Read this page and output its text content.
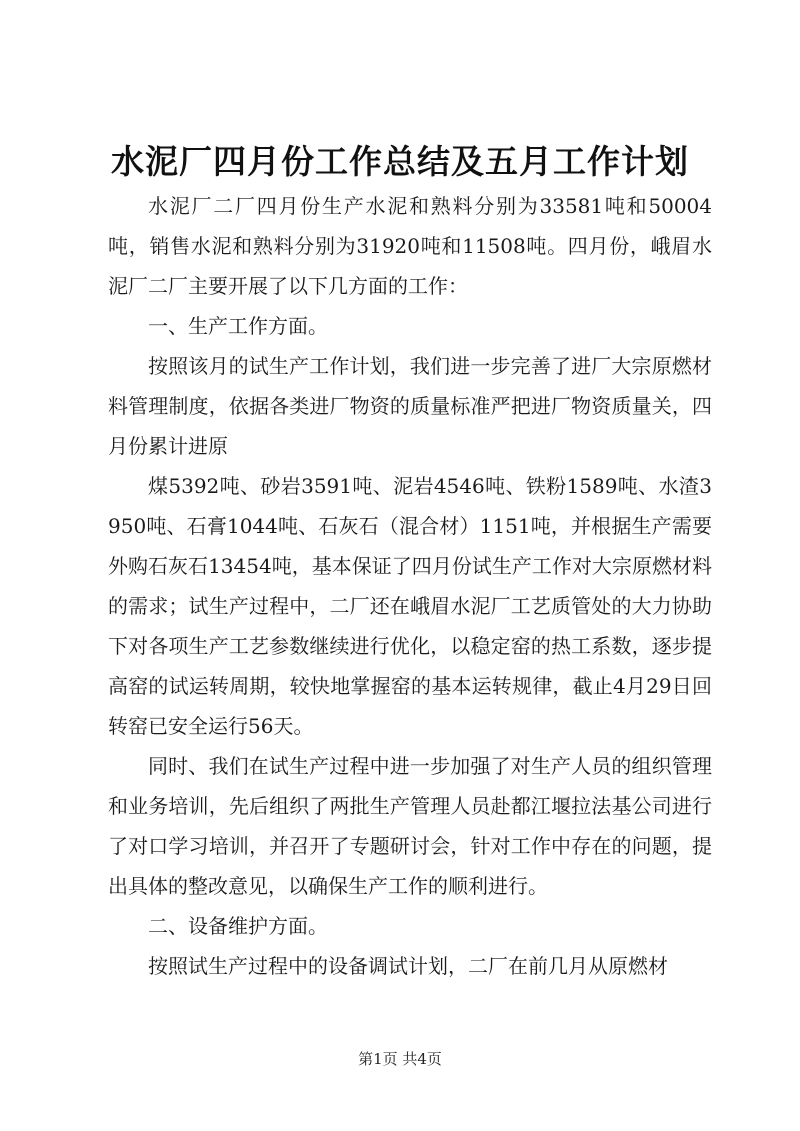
水泥厂四月份工作总结及五月工作计划

水泥厂二厂四月份生产水泥和熟料分别为33581吨和50004吨，销售水泥和熟料分别为31920吨和11508吨。四月份，峨眉水泥厂二厂主要开展了以下几方面的工作：

一、生产工作方面。

按照该月的试生产工作计划，我们进一步完善了进厂大宗原燃材料管理制度，依据各类进厂物资的质量标准严把进厂物资质量关，四月份累计进原

煤5392吨、砂岩3591吨、泥岩4546吨、铁粉1589吨、水渣3950吨、石膏1044吨、石灰石（混合材）1151吨，并根据生产需要外购石灰石13454吨，基本保证了四月份试生产工作对大宗原燃材料的需求；试生产过程中，二厂还在峨眉水泥厂工艺质管处的大力协助下对各项生产工艺参数继续进行优化，以稳定窑的热工系数，逐步提高窑的试运转周期，较快地掌握窑的基本运转规律，截止4月29日回转窑已安全运行56天。

同时、我们在试生产过程中进一步加强了对生产人员的组织管理和业务培训，先后组织了两批生产管理人员赴都江堰拉法基公司进行了对口学习培训，并召开了专题研讨会，针对工作中存在的问题，提出具体的整改意见，以确保生产工作的顺利进行。

二、设备维护方面。

按照试生产过程中的设备调试计划，二厂在前几月从原燃材

第1页 共4页
